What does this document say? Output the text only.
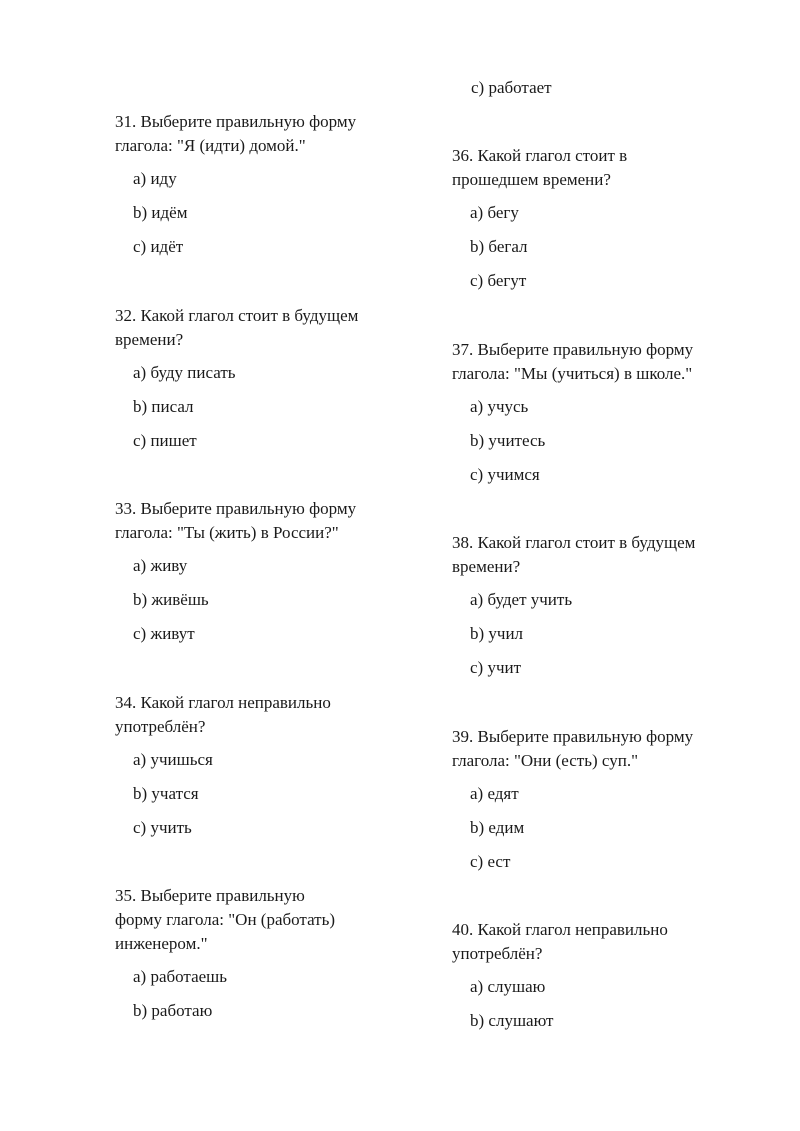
31. Выберите правильную форму глагола: "Я (идти) домой."

a) иду

b) идём

c) идёт

32. Какой глагол стоит в будущем времени?

a) буду писать

b) писал

c) пишет

33. Выберите правильную форму глагола: "Ты (жить) в России?"

a) живу

b) живёшь

c) живут

34. Какой глагол неправильно употреблён?

a) учишься

b) учатся

c) учить

35. Выберите правильную форму глагола: "Он (работать) инженером."

a) работаешь

b) работаю

c) работает

36. Какой глагол стоит в прошедшем времени?

a) бегу

b) бегал

c) бегут

37. Выберите правильную форму глагола: "Мы (учиться) в школе."

a) учусь

b) учитесь

c) учимся

38. Какой глагол стоит в будущем времени?

a) будет учить

b) учил

c) учит

39. Выберите правильную форму глагола: "Они (есть) суп."

a) едят

b) едим

c) ест

40. Какой глагол неправильно употреблён?

a) слушаю

b) слушают
